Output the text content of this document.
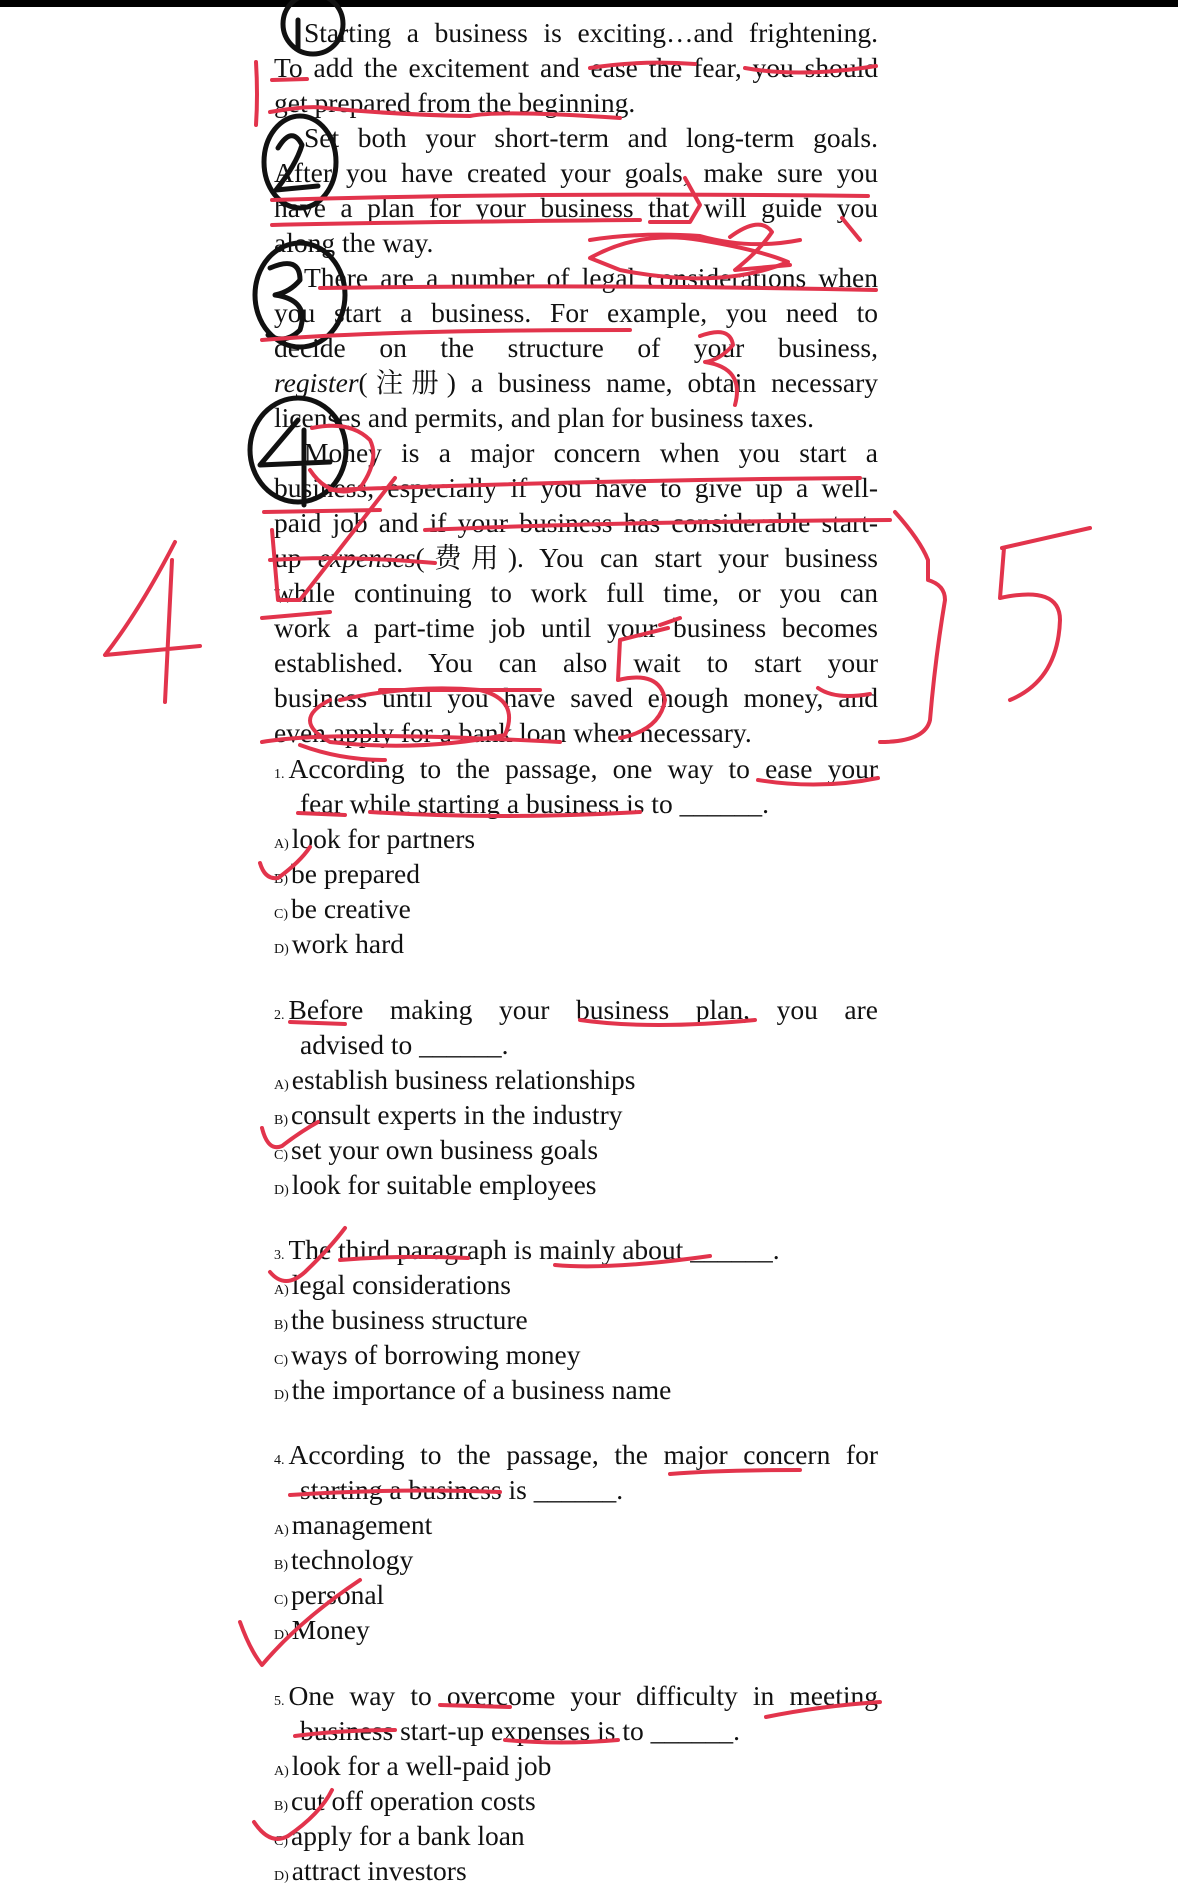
Starting a business is exciting…and frightening.
To add the excitement and ease the fear, you should
get prepared from the beginning.
Set both your short-term and long-term goals.
After you have created your goals, make sure you
have a plan for your business that will guide you
along the way.
There are a number of legal considerations when
you start a business. For example, you need to
decide on the structure of your business,
register(注册) a business name, obtain necessary
licenses and permits, and plan for business taxes.
Money is a major concern when you start a
business, especially if you have to give up a well-
paid job and if your business has considerable start-
up expenses(费用). You can start your business
while continuing to work full time, or you can
work a part-time job until your business becomes
established. You can also wait to start your
business until you have saved enough money, and
even apply for a bank loan when necessary.
1. According to the passage, one way to ease your
fear while starting a business is to ______.
A) look for partners
B) be prepared
C) be creative
D) work hard
2. Before making your business plan, you are
advised to ______.
A) establish business relationships
B) consult experts in the industry
C) set your own business goals
D) look for suitable employees
3. The third paragraph is mainly about ______.
A) legal considerations
B) the business structure
C) ways of borrowing money
D) the importance of a business name
4. According to the passage, the major concern for
starting a business is ______.
A) management
B) technology
C) personal
D) Money
5. One way to overcome your difficulty in meeting
business start-up expenses is to ______.
A) look for a well-paid job
B) cut off operation costs
C) apply for a bank loan
D) attract investors
